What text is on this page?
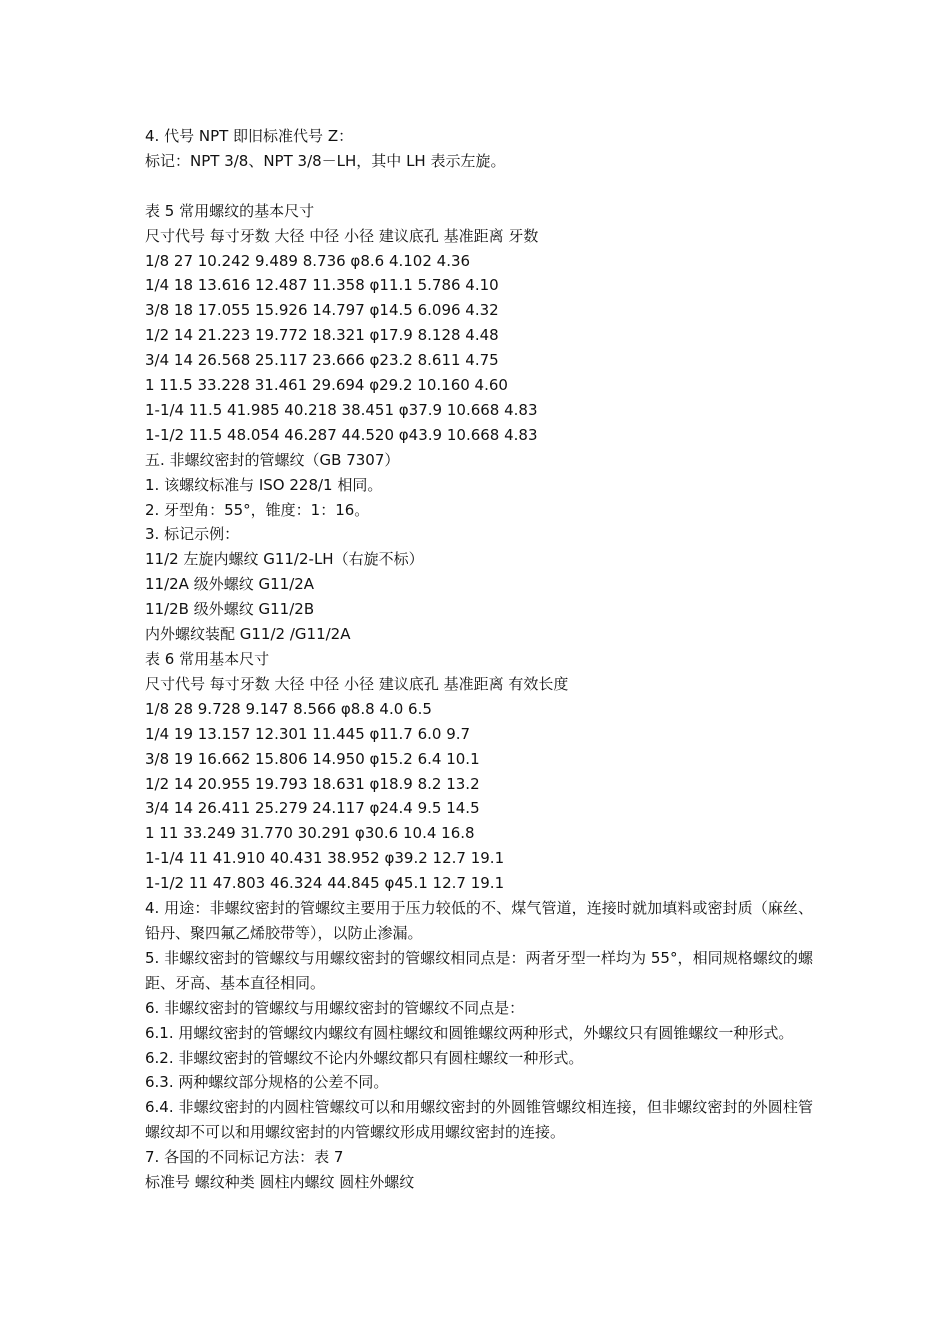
4. 代号 NPT 即旧标准代号 Z：

标记：NPT 3/8、NPT 3/8－LH，其中 LH 表示左旋。

表 5 常用螺纹的基本尺寸

尺寸代号 每寸牙数 大径 中径 小径 建议底孔 基准距离 牙数

1/8 27 10.242 9.489 8.736 φ8.6 4.102 4.36

1/4 18 13.616 12.487 11.358 φ11.1 5.786 4.10

3/8 18 17.055 15.926 14.797 φ14.5 6.096 4.32

1/2 14 21.223 19.772 18.321 φ17.9 8.128 4.48

3/4 14 26.568 25.117 23.666 φ23.2 8.611 4.75

1 11.5 33.228 31.461 29.694 φ29.2 10.160 4.60

1-1/4 11.5 41.985 40.218 38.451 φ37.9 10.668 4.83

1-1/2 11.5 48.054 46.287 44.520 φ43.9 10.668 4.83

五. 非螺纹密封的管螺纹（GB 7307）

1. 该螺纹标准与 ISO 228/1 相同。

2. 牙型角：55°，锥度：1：16。

3. 标记示例：

11/2 左旋内螺纹 G11/2-LH（右旋不标）

11/2A 级外螺纹 G11/2A

11/2B 级外螺纹 G11/2B

内外螺纹装配 G11/2 /G11/2A

表 6 常用基本尺寸

尺寸代号 每寸牙数 大径 中径 小径 建议底孔 基准距离 有效长度

1/8 28 9.728 9.147 8.566 φ8.8 4.0 6.5

1/4 19 13.157 12.301 11.445 φ11.7 6.0 9.7

3/8 19 16.662 15.806 14.950 φ15.2 6.4 10.1

1/2 14 20.955 19.793 18.631 φ18.9 8.2 13.2

3/4 14 26.411 25.279 24.117 φ24.4 9.5 14.5

1 11 33.249 31.770 30.291 φ30.6 10.4 16.8

1-1/4 11 41.910 40.431 38.952 φ39.2 12.7 19.1

1-1/2 11 47.803 46.324 44.845 φ45.1 12.7 19.1

4. 用途：非螺纹密封的管螺纹主要用于压力较低的不、煤气管道，连接时就加填料或密封质（麻丝、铅丹、聚四氟乙烯胶带等），以防止渗漏。

5. 非螺纹密封的管螺纹与用螺纹密封的管螺纹相同点是：两者牙型一样均为 55°，相同规格螺纹的螺距、牙高、基本直径相同。

6. 非螺纹密封的管螺纹与用螺纹密封的管螺纹不同点是：

6.1. 用螺纹密封的管螺纹内螺纹有圆柱螺纹和圆锥螺纹两种形式，外螺纹只有圆锥螺纹一种形式。

6.2. 非螺纹密封的管螺纹不论内外螺纹都只有圆柱螺纹一种形式。

6.3. 两种螺纹部分规格的公差不同。

6.4. 非螺纹密封的内圆柱管螺纹可以和用螺纹密封的外圆锥管螺纹相连接，但非螺纹密封的外圆柱管螺纹却不可以和用螺纹密封的内管螺纹形成用螺纹密封的连接。

7. 各国的不同标记方法：表 7

标准号 螺纹种类 圆柱内螺纹 圆柱外螺纹
